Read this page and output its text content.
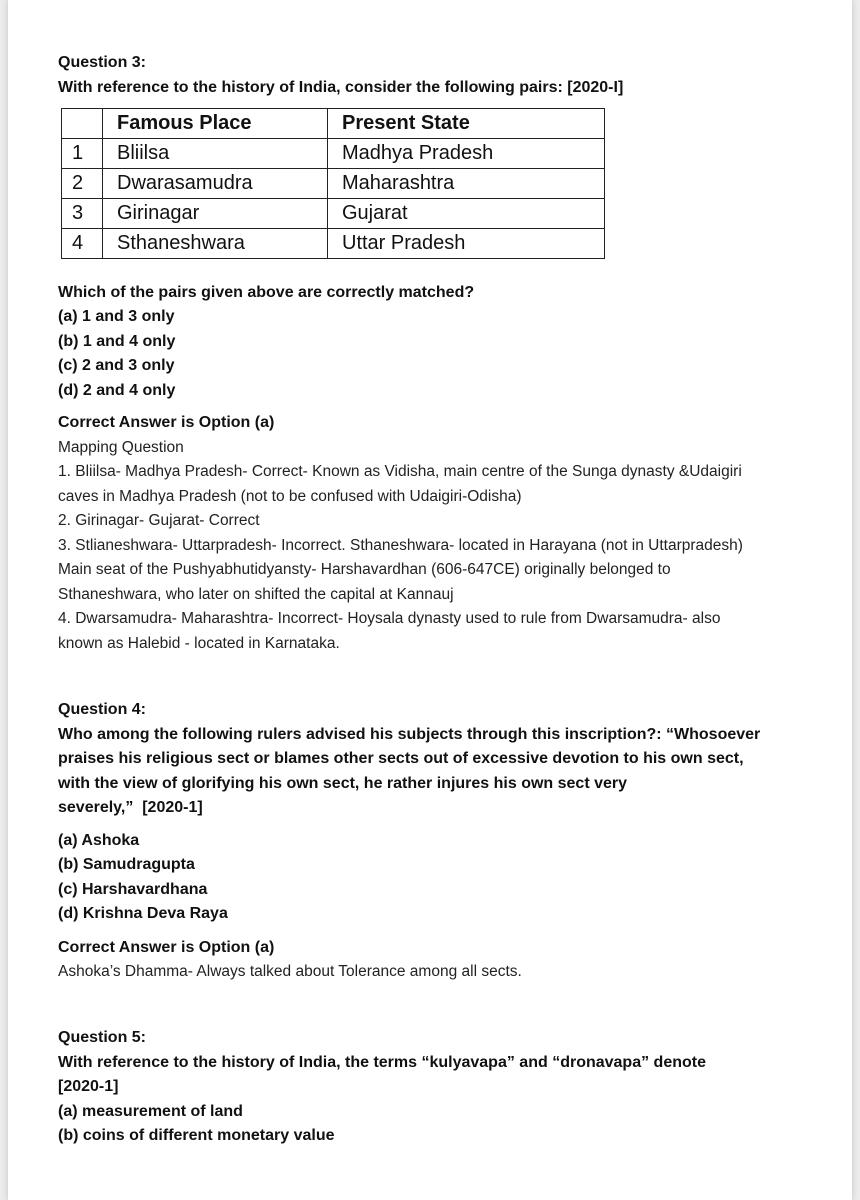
Question 3:
With reference to the history of India, consider the following pairs: [2020-I]
	Famous Place	Present State
1	Bliilsa	Madhya Pradesh
2	Dwarasamudra	Maharashtra
3	Girinagar	Gujarat
4	Sthaneshwara	Uttar Pradesh
Which of the pairs given above are correctly matched?
(a) 1 and 3 only
(b) 1 and 4 only
(c) 2 and 3 only
(d) 2 and 4 only
Correct Answer is Option (a)
Mapping Question
1. Bliilsa- Madhya Pradesh- Correct- Known as Vidisha, main centre of the Sunga dynasty &Udaigiri
caves in Madhya Pradesh (not to be confused with Udaigiri-Odisha)
2. Girinagar- Gujarat- Correct
3. Stlianeshwara- Uttarpradesh- Incorrect. Sthaneshwara- located in Harayana (not in Uttarpradesh)
Main seat of the Pushyabhutidyansty- Harshavardhan (606-647CE) originally belonged to
Sthaneshwara, who later on shifted the capital at Kannauj
4. Dwarsamudra- Maharashtra- Incorrect- Hoysala dynasty used to rule from Dwarsamudra- also
known as Halebid - located in Karnataka.
Question 4:
Who among the following rulers advised his subjects through this inscription?: “Whosoever
praises his religious sect or blames other sects out of excessive devotion to his own sect,
with the view of glorifying his own sect, he rather injures his own sect very
severely,”  [2020-1]
(a) Ashoka
(b) Samudragupta
(c) Harshavardhana
(d) Krishna Deva Raya
Correct Answer is Option (a)
Ashoka’s Dhamma- Always talked about Tolerance among all sects.
Question 5:
With reference to the history of India, the terms “kulyavapa” and “dronavapa” denote
[2020-1]
(a) measurement of land
(b) coins of different monetary value
